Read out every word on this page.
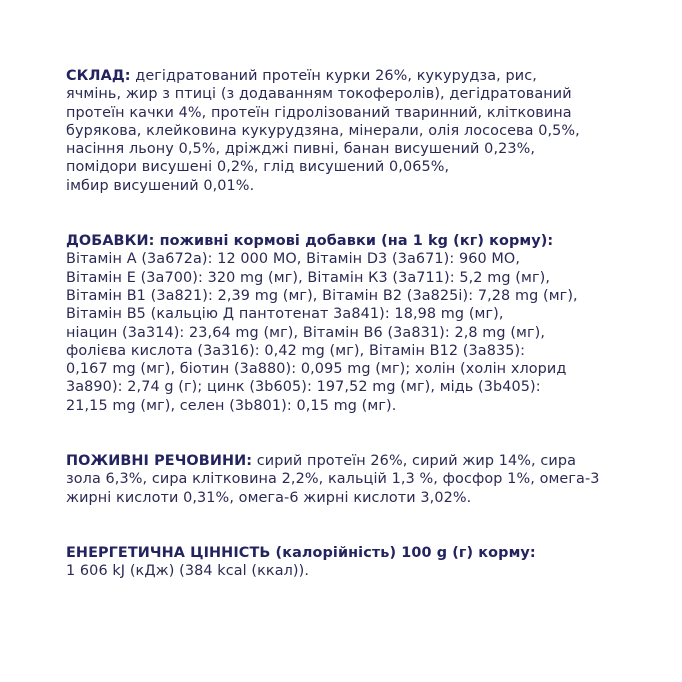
СКЛАД: дегідратований протеїн курки 26%, кукурудза, рис,
ячмінь, жир з птиці (з додаванням токоферолів), дегідратований
протеїн качки 4%, протеїн гідролізований тваринний, клітковина
бурякова, клейковина кукурудзяна, мінерали, олія лососева 0,5%,
насіння льону 0,5%, дріжджі пивні, банан висушений 0,23%,
помідори висушені 0,2%, глід висушений 0,065%,
імбир висушений 0,01%.
ДОБАВКИ: поживні кормові добавки (на 1 kg (кг) корму):
Вітамін А (3a672a): 12 000 МО, Вітамін D3 (3a671): 960 МО,
Вітамін Е (3a700): 320 mg (мг), Вітамін К3 (3a711): 5,2 mg (мг),
Вітамін В1 (3a821): 2,39 mg (мг), Вітамін В2 (3a825i): 7,28 mg (мг),
Вітамін В5 (кальцію Д пантотенат 3a841): 18,98 mg (мг),
ніацин (3a314): 23,64 mg (мг), Вітамін В6 (3a831): 2,8 mg (мг),
фолієва кислота (3a316): 0,42 mg (мг), Вітамін В12 (3a835):
0,167 mg (мг), біотин (3a880): 0,095 mg (мг); холін (холін хлорид
3a890): 2,74 g (г); цинк (3b605): 197,52 mg (мг), мідь (3b405):
21,15 mg (мг), селен (3b801): 0,15 mg (мг).
ПОЖИВНІ РЕЧОВИНИ: сирий протеїн 26%, сирий жир 14%, сира
зола 6,3%, сира клітковина 2,2%, кальцій 1,3 %, фосфор 1%, омега-3
жирні кислоти 0,31%, омега-6 жирні кислоти 3,02%.
ЕНЕРГЕТИЧНА ЦІННІСТЬ (калорійність) 100 g (г) корму:
1 606 kJ (кДж) (384 kcal (ккал)).
